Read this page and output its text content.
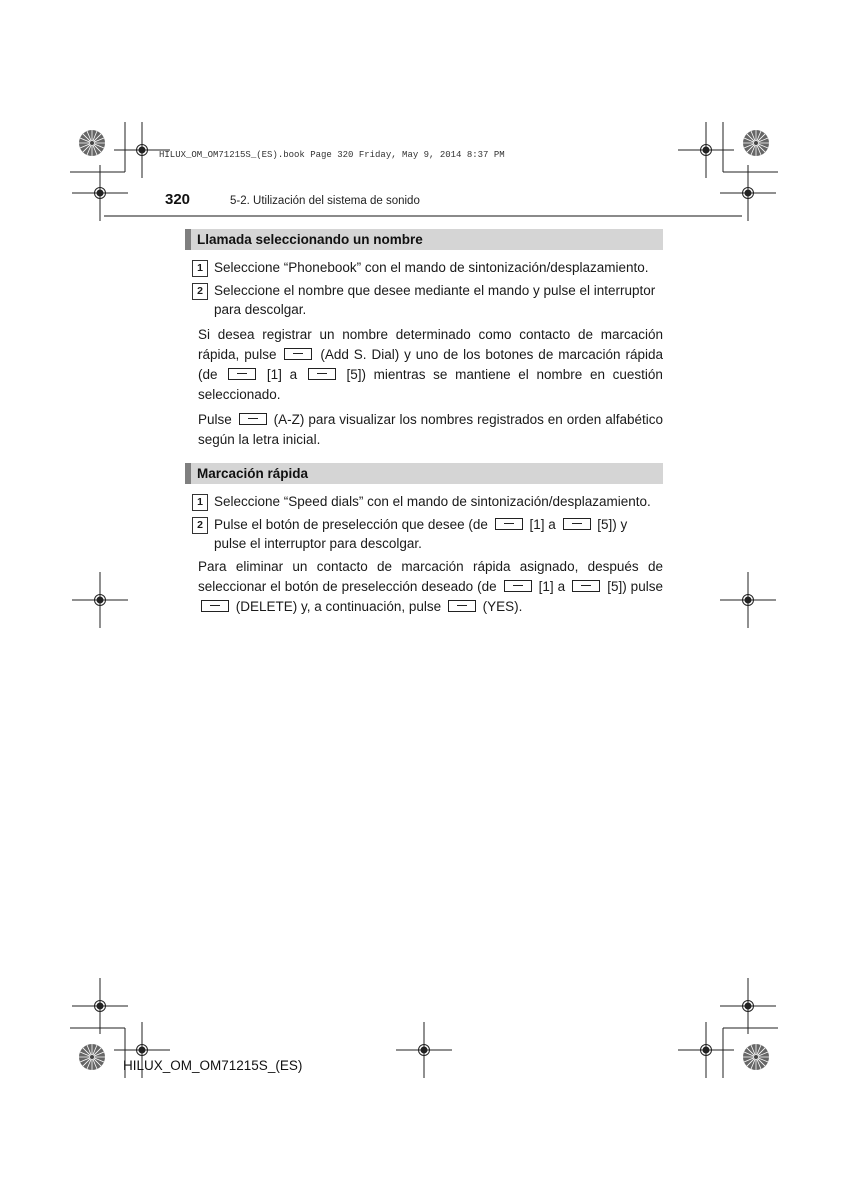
HILUX_OM_OM71215S_(ES).book Page 320 Friday, May 9, 2014 8:37 PM
320	5-2. Utilización del sistema de sonido
Llamada seleccionando un nombre
1 Seleccione “Phonebook” con el mando de sintonización/desplazamiento.
2 Seleccione el nombre que desee mediante el mando y pulse el interruptor para descolgar.
Si desea registrar un nombre determinado como contacto de marcación rápida, pulse	(Add S. Dial) y uno de los botones de marcación rápida (de	[1] a	[5]) mientras se mantiene el nombre en cuestión seleccionado.
Pulse	(A-Z) para visualizar los nombres registrados en orden alfabético según la letra inicial.
Marcación rápida
1 Seleccione “Speed dials” con el mando de sintonización/desplazamiento.
2 Pulse el botón de preselección que desee (de	[1] a	[5]) y pulse el interruptor para descolgar.
Para eliminar un contacto de marcación rápida asignado, después de seleccionar el botón de preselección deseado (de	[1] a	[5]) pulse  (DELETE) y, a continuación, pulse	(YES).
HILUX_OM_OM71215S_(ES)
